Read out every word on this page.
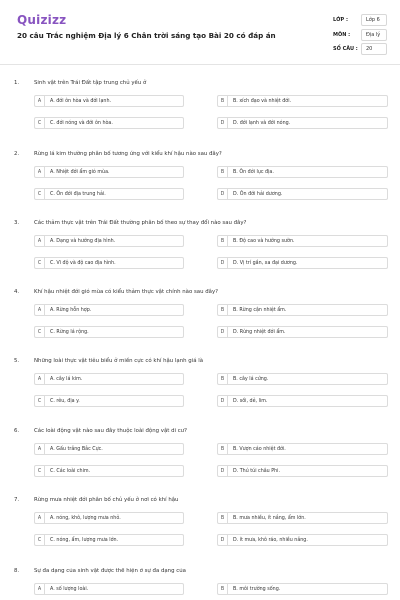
Quizizz
20 câu Trắc nghiệm Địa lý 6 Chân trời sáng tạo Bài 20 có đáp án
LỚP :	Lớp 6
MÔN :	Địa lý
SỐ CÂU : 20
1.	Sinh vật trên Trái Đất tập trung chủ yếu ở
A	A. đới ôn hòa và đới lạnh.	B	B. xích đạo và nhiệt đới.
C	C. đới nóng và đới ôn hòa.	D	D. đới lạnh và đới nóng.
2.	Rừng lá kim thường phân bố tương ứng với kiểu khí hậu nào sau đây?
A	A. Nhiệt đới ẩm gió mùa.	B	B. Ôn đới lục địa.
C	C. Ôn đới địa trung hải.	D	D. Ôn đới hải dương.
3.	Các thảm thực vật trên Trái Đất thường phân bố theo sự thay đổi nào sau đây?
A	A. Dạng và hướng địa hình.	B	B. Độ cao và hướng sườn.
C	C. Vĩ độ và độ cao địa hình.	D	D. Vị trí gần, xa đại dương.
4.	Khí hậu nhiệt đới gió mùa có kiểu thảm thực vật chính nào sau đây?
A	A. Rừng hỗn hợp.	B	B. Rừng cận nhiệt ẩm.
C	C. Rừng lá rộng.	D	D. Rừng nhiệt đới ẩm.
5.	Những loài thực vật tiêu biểu ở miền cực có khí hậu lạnh giá là
A	A. cây lá kim.	B	B. cây lá cứng.
C	C. rêu, địa y.	D	D. sồi, dẻ, lim.
6.	Các loài động vật nào sau đây thuộc loài động vật di cư?
A	A. Gấu trắng Bắc Cực.	B	B. Vượn cáo nhiệt đới.
C	C. Các loài chim.	D	D. Thú túi châu Phi.
7.	Rừng mưa nhiệt đới phân bố chủ yếu ở nơi có khí hậu
A	A. nóng, khô, lượng mưa nhỏ.	B	B. mưa nhiều, ít nắng, ẩm lớn.
C	C. nóng, ẩm, lượng mưa lớn.	D	D. ít mưa, khô ráo, nhiều nắng.
8.	Sự đa dạng của sinh vật được thể hiện ở sự đa dạng của
A	A. số lượng loài.	B	B. môi trường sống.
